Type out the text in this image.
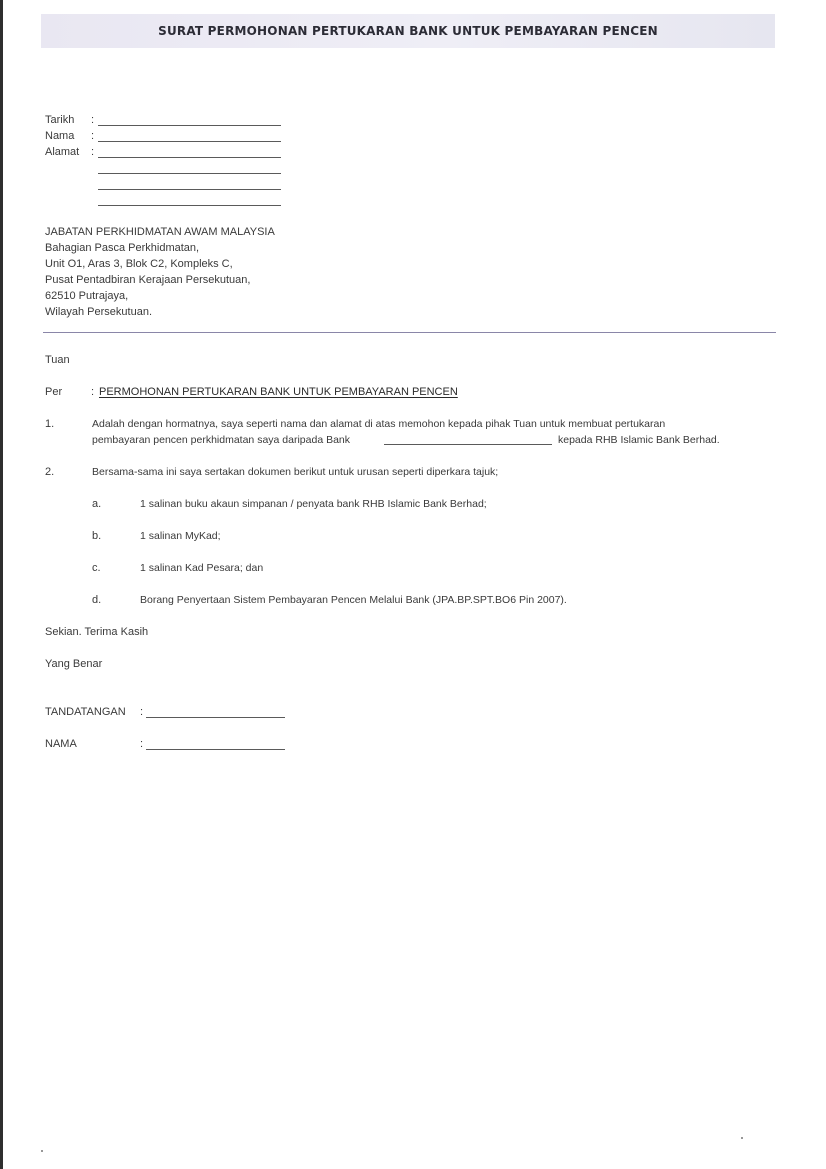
SURAT PERMOHONAN PERTUKARAN BANK UNTUK PEMBAYARAN PENCEN
Tarikh :
Nama :
Alamat :
JABATAN PERKHIDMATAN AWAM MALAYSIA
Bahagian Pasca Perkhidmatan,
Unit O1, Aras 3, Blok C2, Kompleks C,
Pusat Pentadbiran Kerajaan Persekutuan,
62510 Putrajaya,
Wilayah Persekutuan.
Tuan
Per	: PERMOHONAN PERTUKARAN BANK UNTUK PEMBAYARAN PENCEN
1.	Adalah dengan hormatnya, saya seperti nama dan alamat di atas memohon kepada pihak Tuan untuk membuat pertukaran
pembayaran pencen perkhidmatan saya daripada Bank	kepada RHB Islamic Bank Berhad.
2.	Bersama-sama ini saya sertakan dokumen berikut untuk urusan seperti diperkara tajuk;
a.	1 salinan buku akaun simpanan / penyata bank RHB Islamic Bank Berhad;
b.	1 salinan MyKad;
c.	1 salinan Kad Pesara; dan
d.	Borang Penyertaan Sistem Pembayaran Pencen Melalui Bank (JPA.BP.SPT.BO6 Pin 2007).
Sekian. Terima Kasih
Yang Benar
TANDATANGAN :
NAMA	:
